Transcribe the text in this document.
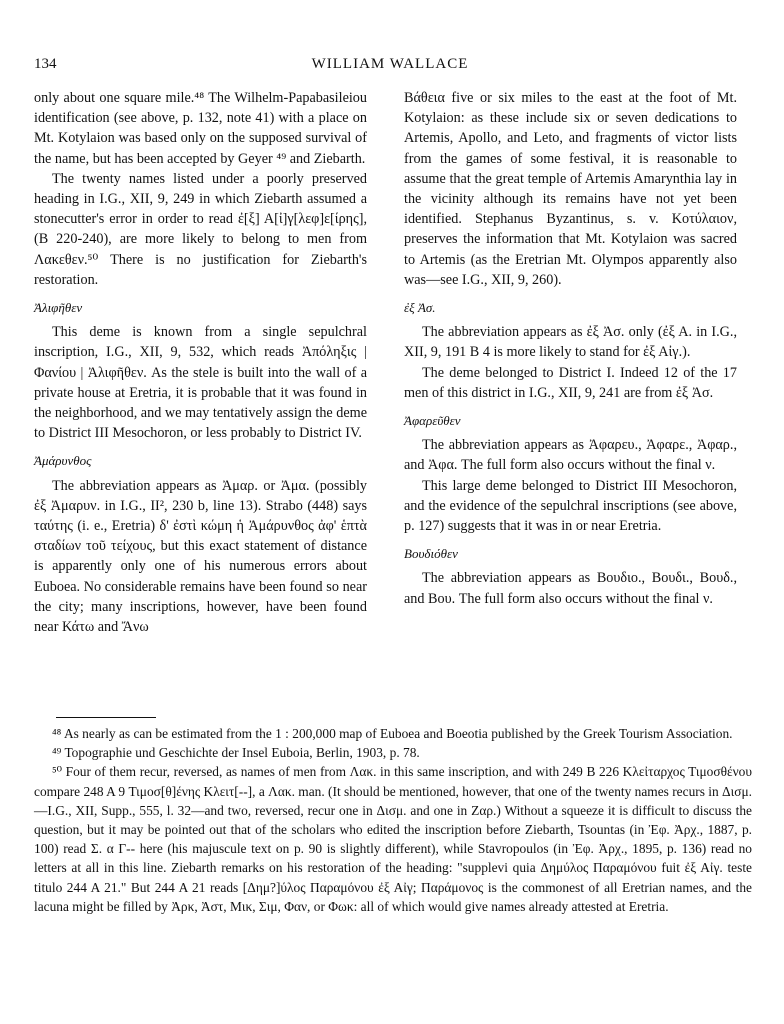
134	WILLIAM WALLACE

only about one square mile.⁴⁸ The Wilhelm-Papabasileiou identification (see above, p. 132, note 41) with a place on Mt. Kotylaion was based only on the supposed survival of the name, but has been accepted by Geyer ⁴⁹ and Ziebarth.

The twenty names listed under a poorly preserved heading in I.G., XII, 9, 249 in which Ziebarth assumed a stonecutter's error in order to read ἐ[ξ] Α[ἰ]γ[λεφ]ε[ίρης], (B 220-240), are more likely to belong to men from Λακεθεν.⁵⁰ There is no justification for Ziebarth's restoration.

Ἀλιφῆθεν

This deme is known from a single sepulchral inscription, I.G., XII, 9, 532, which reads Ἀπόληξις | Φανίου | Ἀλιφῆθεν. As the stele is built into the wall of a private house at Eretria, it is probable that it was found in the neighborhood, and we may tentatively assign the deme to District III Mesochoron, or less probably to District IV.

Ἀμάρυνθος

The abbreviation appears as Ἀμαρ. or Ἀμα. (possibly ἐξ Ἀμαρυν. in I.G., II², 230 b, line 13). Strabo (448) says ταύτης (i. e., Eretria) δ' ἐστὶ κώμη ἡ Ἀμάρυνθος ἀφ' ἑπτὰ σταδίων τοῦ τείχους, but this exact statement of distance is apparently only one of his numerous errors about Euboea. No considerable remains have been found so near the city; many inscriptions, however, have been found near Κάτω and Ἄνω

Βάθεια five or six miles to the east at the foot of Mt. Kotylaion: as these include six or seven dedications to Artemis, Apollo, and Leto, and fragments of victor lists from the games of some festival, it is reasonable to assume that the great temple of Artemis Amarynthia lay in the vicinity although its remains have not yet been identified. Stephanus Byzantinus, s. v. Κοτύλαιον, preserves the information that Mt. Kotylaion was sacred to Artemis (as the Eretrian Mt. Olympos apparently also was—see I.G., XII, 9, 260).

ἐξ Ἀσ.

The abbreviation appears as ἐξ Ἀσ. only (ἐξ Α. in I.G., XII, 9, 191 B 4 is more likely to stand for ἐξ Αἰγ.).

The deme belonged to District I. Indeed 12 of the 17 men of this district in I.G., XII, 9, 241 are from ἐξ Ἀσ.

Ἀφαρεῦθεν

The abbreviation appears as Ἀφαρευ., Ἀφαρε., Ἀφαρ., and Ἀφα. The full form also occurs without the final ν.

This large deme belonged to District III Mesochoron, and the evidence of the sepulchral inscriptions (see above, p. 127) suggests that it was in or near Eretria.

Βουδιόθεν

The abbreviation appears as Βουδιο., Βουδι., Βουδ., and Βου. The full form also occurs without the final ν.

⁴⁸ As nearly as can be estimated from the 1 : 200,000 map of Euboea and Boeotia published by the Greek Tourism Association.

⁴⁹ Topographie und Geschichte der Insel Euboia, Berlin, 1903, p. 78.

⁵⁰ Four of them recur, reversed, as names of men from Λακ. in this same inscription, and with 249 B 226 Κλεἰταρχος Τιμοσθένου compare 248 A 9 Τιμοσ[θ]ένης Κλειτ[--], a Λακ. man. (It should be mentioned, however, that one of the twenty names recurs in Δισμ.—I.G., XII, Supp., 555, l. 32—and two, reversed, recur one in Δισμ. and one in Ζαρ.) Without a squeeze it is difficult to discuss the question, but it may be pointed out that of the scholars who edited the inscription before Ziebarth, Tsountas (in Ἐφ. Ἀρχ., 1887, p. 100) read Σ. α Γ-- here (his majuscule text on p. 90 is slightly different), while Stavropoulos (in Ἐφ. Ἀρχ., 1895, p. 136) read no letters at all in this line. Ziebarth remarks on his restoration of the heading: "supplevi quia Δημύλος Παραμόνου fuit ἐξ Αἰγ. teste titulo 244 A 21." But 244 A 21 reads [Δημ?]ύλος Παραμόνου ἐξ Αἰγ; Παράμονος is the commonest of all Eretrian names, and the lacuna might be filled by Ἀρκ, Ἀστ, Μικ, Σιμ, Φαν, or Φωκ: all of which would give names already attested at Eretria.
